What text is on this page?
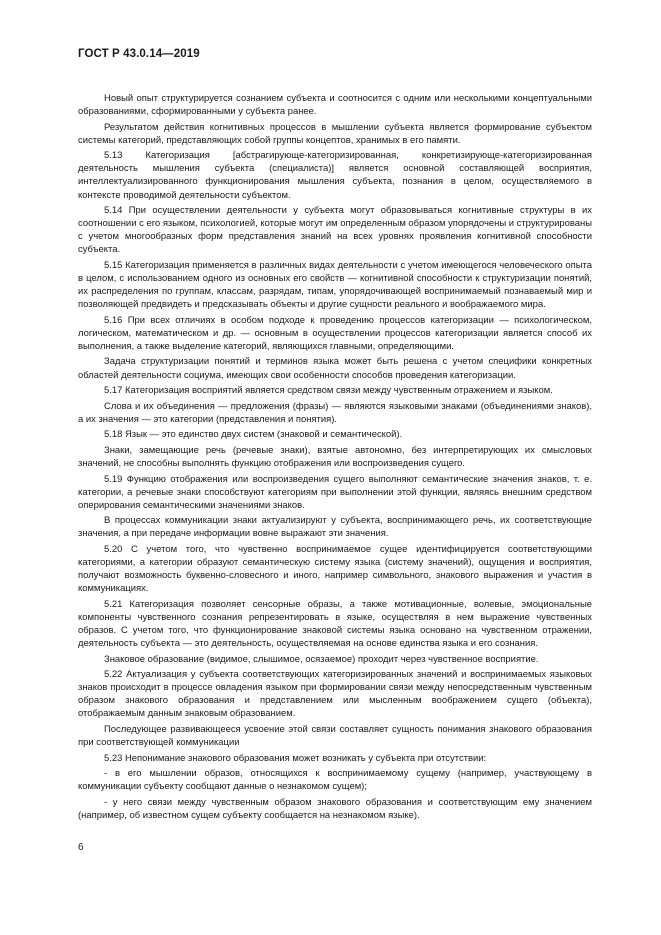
ГОСТ Р 43.0.14—2019

Новый опыт структурируется сознанием субъекта и соотносится с одним или несколькими концептуальными образованиями, сформированными у субъекта ранее.

Результатом действия когнитивных процессов в мышлении субъекта является формирование субъектом системы категорий, представляющих собой группы концептов, хранимых в его памяти.

5.13 Категоризация [абстрагирующе-категоризированная, конкретизирующе-категоризированная деятельность мышления субъекта (специалиста)] является основной составляющей восприятия, интеллектуализированного функционирования мышления субъекта, познания в целом, осуществляемого в контексте проводимой деятельности субъектом.

5.14 При осуществлении деятельности у субъекта могут образовываться когнитивные структуры в их соотношении с его языком, психологией, которые могут им определенным образом упорядочены и структурированы с учетом многообразных форм представления знаний на всех уровнях проявления когнитивной способности субъекта.

5.15 Категоризация применяется в различных видах деятельности с учетом имеющегося человеческого опыта в целом, с использованием одного из основных его свойств — когнитивной способности к структуризации понятий, их распределения по группам, классам, разрядам, типам, упорядочивающей воспринимаемый познаваемый мир и позволяющей предвидеть и предсказывать объекты и другие сущности реального и воображаемого мира.

5.16 При всех отличиях в особом подходе к проведению процессов категоризации — психологическом, логическом, математическом и др. — основным в осуществлении процессов категоризации является способ их выполнения, а также выделение категорий, являющихся главными, определяющими.

Задача структуризации понятий и терминов языка может быть решена с учетом специфики конкретных областей деятельности социума, имеющих свои особенности способов проведения категоризации.

5.17 Категоризация восприятий является средством связи между чувственным отражением и языком.

Слова и их объединения — предложения (фразы) — являются языковыми знаками (объединениями знаков), а их значения — это категории (представления и понятия).

5.18 Язык — это единство двух систем (знаковой и семантической).

Знаки, замещающие речь (речевые знаки), взятые автономно, без интерпретирующих их смысловых значений, не способны выполнять функцию отображения или воспроизведения сущего.

5.19 Функцию отображения или воспроизведения сущего выполняют семантические значения знаков, т. е. категории, а речевые знаки способствуют категориям при выполнении этой функции, являясь внешним средством оперирования семантическими значениями знаков.

В процессах коммуникации знаки актуализируют у субъекта, воспринимающего речь, их соответствующие значения, а при передаче информации вовне выражают эти значения.

5.20 С учетом того, что чувственно воспринимаемое сущее идентифицируется соответствующими категориями, а категории образуют семантическую систему языка (систему значений), ощущения и восприятия, получают возможность буквенно-словесного и иного, например символьного, знакового выражения и участия в коммуникациях.

5.21 Категоризация позволяет сенсорные образы, а также мотивационные, волевые, эмоциональные компоненты чувственного сознания репрезентировать в языке, осуществляя в нем выражение чувственных образов. С учетом того, что функционирование знаковой системы языка основано на чувственном отражении, деятельность субъекта — это деятельность, осуществляемая на основе единства языка и его сознания.

Знаковое образование (видимое, слышимое, осязаемое) проходит через чувственное восприятие.

5.22 Актуализация у субъекта соответствующих категоризированных значений и воспринимаемых языковых знаков происходит в процессе овладения языком при формировании связи между непосредственным чувственным образом знакового образования и представлением или мысленным воображением сущего (объекта), отображаемым данным знаковым образованием.

Последующее развивающееся усвоение этой связи составляет сущность понимания знакового образования при соответствующей коммуникации

5.23 Непонимание знакового образования может возникать у субъекта при отсутствии:

- в его мышлении образов, относящихся к воспринимаемому сущему (например, участвующему в коммуникации субъекту сообщают данные о незнакомом сущем);

- у него связи между чувственным образом знакового образования и соответствующим ему значением (например, об известном сущем субъекту сообщается на незнакомом языке).

6
